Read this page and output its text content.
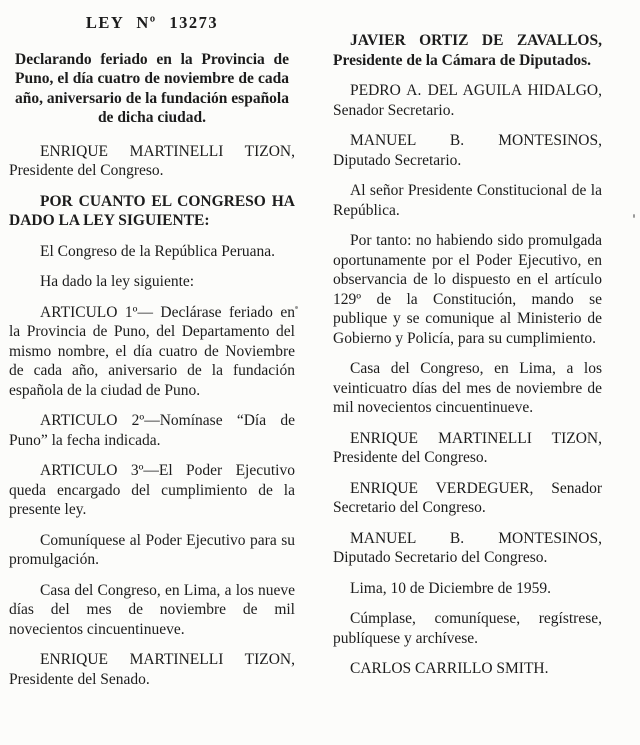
LEY Nº 13273

Declarando feriado en la Provincia de Puno, el día cuatro de noviembre de cada año, aniversario de la fundación española de dicha ciudad.

ENRIQUE MARTINELLI TIZON, Presidente del Congreso.

POR CUANTO EL CONGRESO HA DADO LA LEY SIGUIENTE:

El Congreso de la República Peruana.

Ha dado la ley siguiente:

ARTICULO 1º— Declárase feriado en la Provincia de Puno, del Departamento del mismo nombre, el día cuatro de Noviembre de cada año, aniversario de la fundación española de la ciudad de Puno.

ARTICULO 2º—Nomínase “Día de Puno” la fecha indicada.

ARTICULO 3º—El Poder Ejecutivo queda encargado del cumplimiento de la presente ley.

Comuníquese al Poder Ejecutivo para su promulgación.

Casa del Congreso, en Lima, a los nueve días del mes de noviembre de mil novecientos cincuentinueve.

ENRIQUE MARTINELLI TIZON, Presidente del Senado.

JAVIER ORTIZ DE ZAVALLOS, Presidente de la Cámara de Diputados.

PEDRO A. DEL AGUILA HIDALGO, Senador Secretario.

MANUEL B. MONTESINOS, Diputado Secretario.

Al señor Presidente Constitucional de la República.

Por tanto: no habiendo sido promulgada oportunamente por el Poder Ejecutivo, en observancia de lo dispuesto en el artículo 129º de la Constitución, mando se publique y se comunique al Ministerio de Gobierno y Policía, para su cumplimiento.

Casa del Congreso, en Lima, a los veinticuatro días del mes de noviembre de mil novecientos cincuentinueve.

ENRIQUE MARTINELLI TIZON, Presidente del Congreso.

ENRIQUE VERDEGUER, Senador Secretario del Congreso.

MANUEL B. MONTESINOS, Diputado Secretario del Congreso.

Lima, 10 de Diciembre de 1959.

Cúmplase, comuníquese, regístrese, publíquese y archívese.

CARLOS CARRILLO SMITH.
